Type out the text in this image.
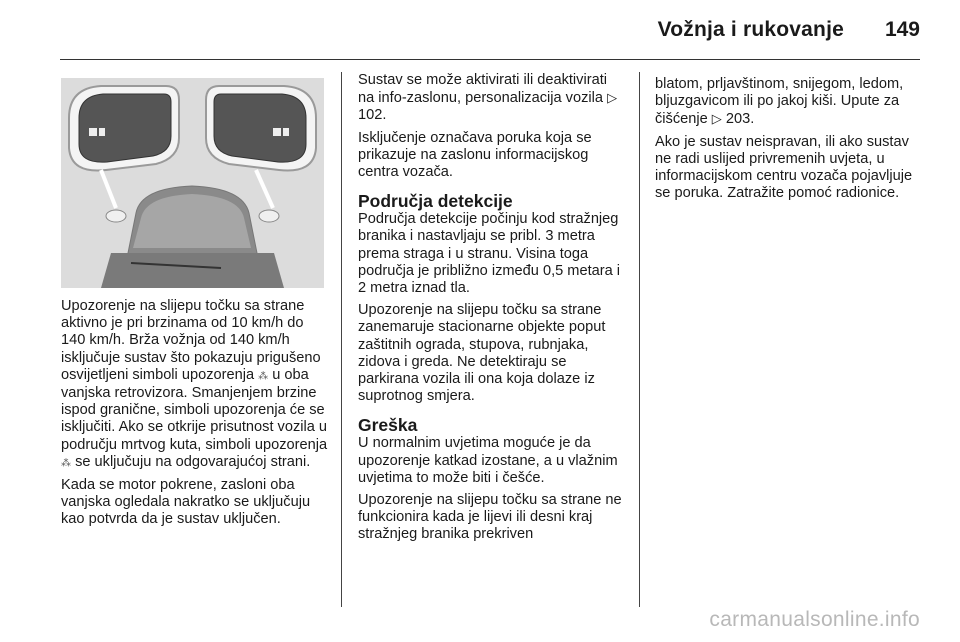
Vožnja i rukovanje 149

Upozorenje na slijepu točku sa strane aktivno je pri brzinama od 10 km/h do 140 km/h. Brža vožnja od 140 km/h isključuje sustav što pokazuju prigušeno osvijetljeni simboli upozorenja ⁂ u oba vanjska retrovizora. Smanjenjem brzine ispod granične, simboli upozorenja će se isključiti. Ako se otkrije prisutnost vozila u području mrtvog kuta, simboli upozorenja ⁂ se uključuju na odgovarajućoj strani.

Kada se motor pokrene, zasloni oba vanjska ogledala nakratko se uključuju kao potvrda da je sustav uključen.

Sustav se može aktivirati ili deaktivirati na info-zaslonu, personalizacija vozila ▷ 102.

Isključenje označava poruka koja se prikazuje na zaslonu informacijskog centra vozača.

Područja detekcije

Područja detekcije počinju kod stražnjeg branika i nastavljaju se pribl. 3 metra prema straga i u stranu. Visina toga područja je približno između 0,5 metara i 2 metra iznad tla.

Upozorenje na slijepu točku sa strane zanemaruje stacionarne objekte poput zaštitnih ograda, stupova, rubnjaka, zidova i greda. Ne detektiraju se parkirana vozila ili ona koja dolaze iz suprotnog smjera.

Greška

U normalnim uvjetima moguće je da upozorenje katkad izostane, a u vlažnim uvjetima to može biti i češće.

Upozorenje na slijepu točku sa strane ne funkcionira kada je lijevi ili desni kraj stražnjeg branika prekriven

blatom, prljavštinom, snijegom, ledom, bljuzgavicom ili po jakoj kiši. Upute za čišćenje ▷ 203.

Ako je sustav neispravan, ili ako sustav ne radi uslijed privremenih uvjeta, u informacijskom centru vozača pojavljuje se poruka. Zatražite pomoć radionice.

carmanualsonline.info
